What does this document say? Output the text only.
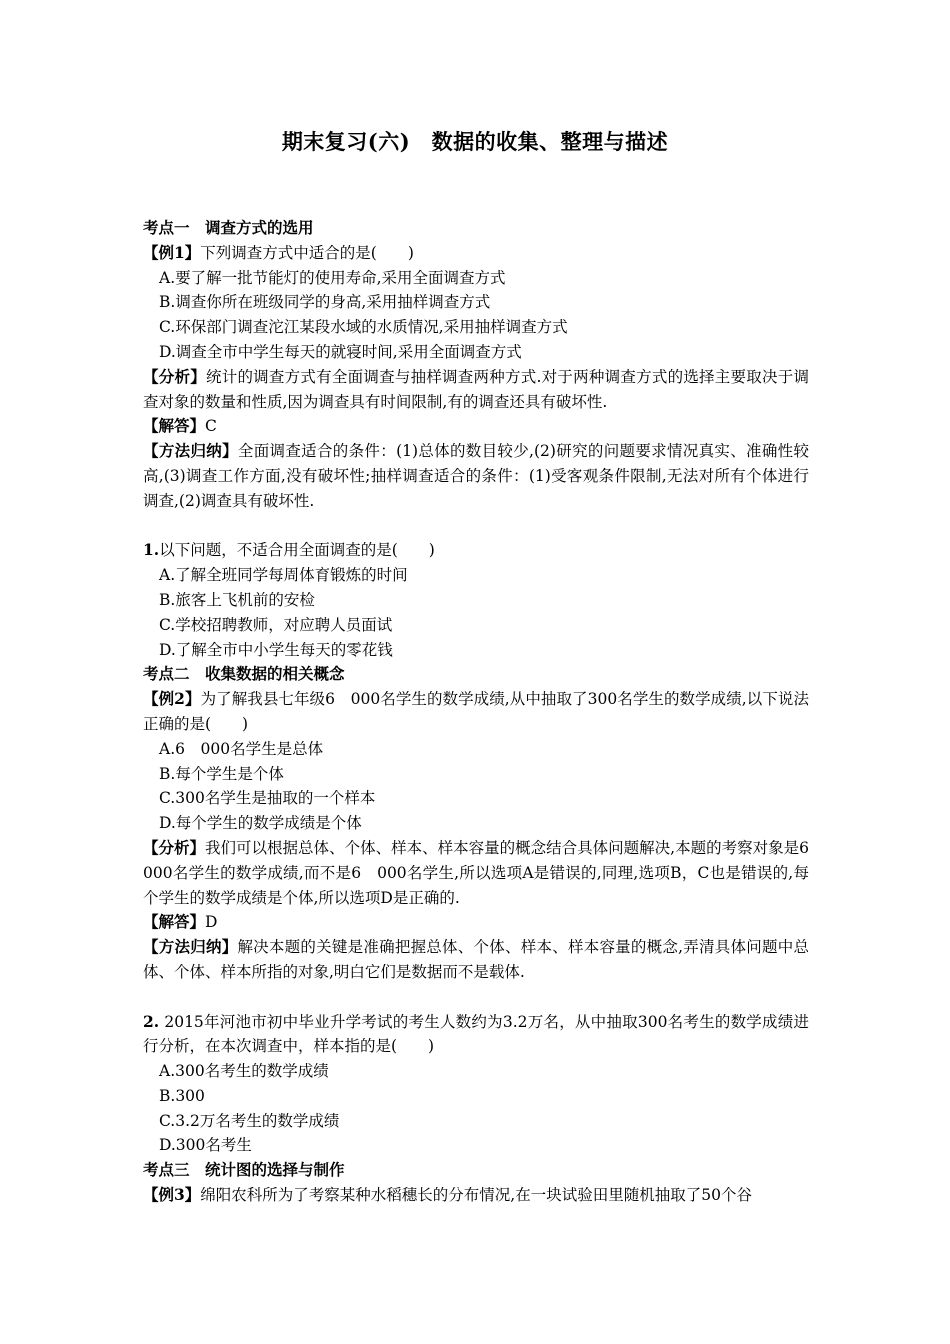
期末复习(六)　数据的收集、整理与描述
考点一　调查方式的选用
【例1】下列调查方式中适合的是(　　)
A.要了解一批节能灯的使用寿命,采用全面调查方式
B.调查你所在班级同学的身高,采用抽样调查方式
C.环保部门调查沱江某段水域的水质情况,采用抽样调查方式
D.调查全市中学生每天的就寝时间,采用全面调查方式
【分析】统计的调查方式有全面调查与抽样调查两种方式.对于两种调查方式的选择主要取决于调查对象的数量和性质,因为调查具有时间限制,有的调查还具有破坏性.
【解答】C
【方法归纳】全面调查适合的条件：(1)总体的数目较少,(2)研究的问题要求情况真实、准确性较高,(3)调查工作方面,没有破坏性;抽样调查适合的条件：(1)受客观条件限制,无法对所有个体进行调查,(2)调查具有破坏性.
1.以下问题，不适合用全面调查的是(　　)
A.了解全班同学每周体育锻炼的时间
B.旅客上飞机前的安检
C.学校招聘教师，对应聘人员面试
D.了解全市中小学生每天的零花钱
考点二　收集数据的相关概念
【例2】为了解我县七年级6　000名学生的数学成绩,从中抽取了300名学生的数学成绩,以下说法正确的是(　　)
A.6　000名学生是总体
B.每个学生是个体
C.300名学生是抽取的一个样本
D.每个学生的数学成绩是个体
【分析】我们可以根据总体、个体、样本、样本容量的概念结合具体问题解决,本题的考察对象是6　000名学生的数学成绩,而不是6　000名学生,所以选项A是错误的,同理,选项B，C也是错误的,每个学生的数学成绩是个体,所以选项D是正确的.
【解答】D
【方法归纳】解决本题的关键是准确把握总体、个体、样本、样本容量的概念,弄清具体问题中总体、个体、样本所指的对象,明白它们是数据而不是载体.
2. 2015年河池市初中毕业升学考试的考生人数约为3.2万名，从中抽取300名考生的数学成绩进行分析，在本次调查中，样本指的是(　　)
A.300名考生的数学成绩
B.300
C.3.2万名考生的数学成绩
D.300名考生
考点三　统计图的选择与制作
【例3】绵阳农科所为了考察某种水稻穗长的分布情况,在一块试验田里随机抽取了50个谷
